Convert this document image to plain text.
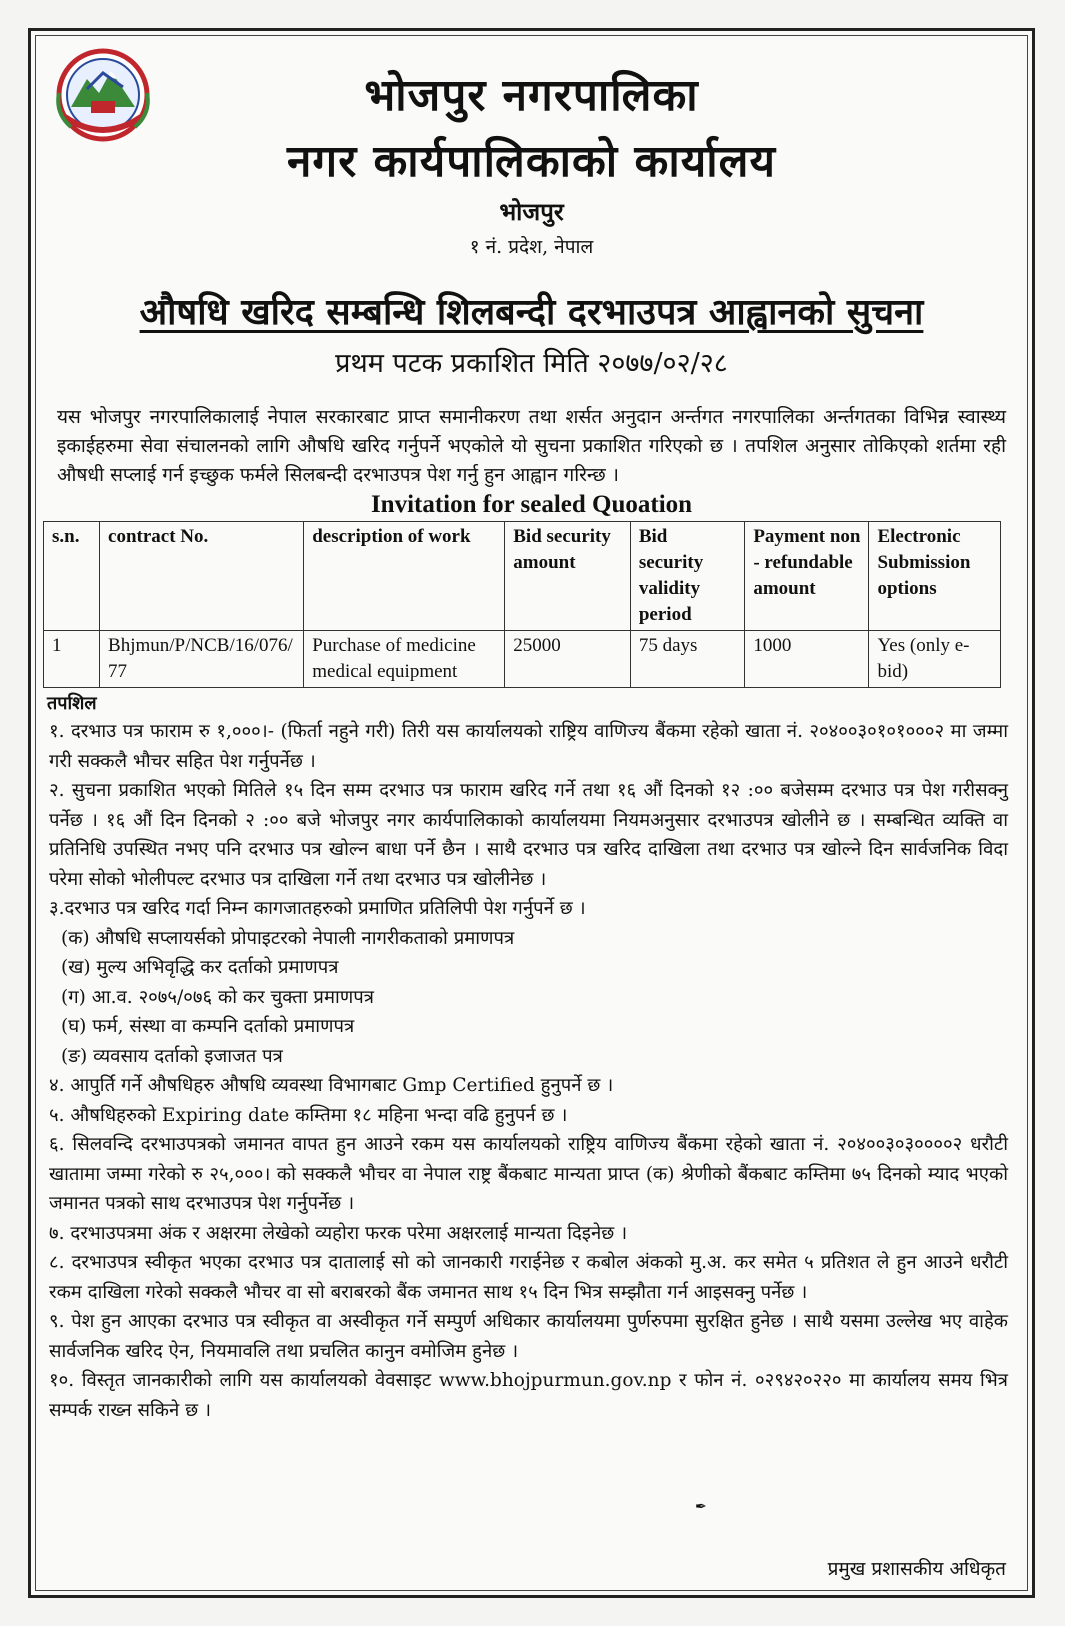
भोजपुर नगरपालिका
नगर कार्यपालिकाको कार्यालय
भोजपुर
१ नं. प्रदेश, नेपाल
औषधि खरिद सम्बन्धि शिलबन्दी दरभाउपत्र आह्वानको सुचना
प्रथम पटक प्रकाशित मिति २०७७/०२/२८
यस भोजपुर नगरपालिकालाई नेपाल सरकारबाट प्राप्त समानीकरण तथा शर्सत अनुदान अर्न्तगत नगरपालिका अर्न्तगतका विभिन्न स्वास्थ्य इकाईहरुमा सेवा संचालनको लागि औषधि खरिद गर्नुपर्ने भएकोले यो सुचना प्रकाशित गरिएको छ । तपशिल अनुसार तोकिएको शर्तमा रही औषधी सप्लाई गर्न इच्छुक फर्मले सिलबन्दी दरभाउपत्र पेश गर्नु हुन आह्वान गरिन्छ ।
Invitation for sealed Quoation
s.n.	contract No.	description of work	Bid security amount	Bid security validity period	Payment non - refundable amount	Electronic Submission options
1	Bhjmun/P/NCB/16/076/77	Purchase of medicine medical equipment	25000	75 days	1000	Yes (only e-bid)
तपशिल

१. दरभाउ पत्र फाराम रु १,०००।- (फिर्ता नहुने गरी) तिरी यस कार्यालयको राष्ट्रिय वाणिज्य बैंकमा रहेको खाता नं. २०४००३०१०१०००२ मा जम्मा गरी सक्कलै भौचर सहित पेश गर्नुपर्नेछ ।

२. सुचना प्रकाशित भएको मितिले १५ दिन सम्म दरभाउ पत्र फाराम खरिद गर्ने तथा १६ औं दिनको १२ :०० बजेसम्म दरभाउ पत्र पेश गरीसक्नु पर्नेछ । १६ औं दिन दिनको २ :०० बजे भोजपुर नगर कार्यपालिकाको कार्यालयमा नियमअनुसार दरभाउपत्र खोलीने छ । सम्बन्धित व्यक्ति वा प्रतिनिधि उपस्थित नभए पनि दरभाउ पत्र खोल्न बाधा पर्ने छैन । साथै दरभाउ पत्र खरिद दाखिला तथा दरभाउ पत्र खोल्ने दिन सार्वजनिक विदा परेमा सोको भोलीपल्ट दरभाउ पत्र दाखिला गर्ने तथा दरभाउ पत्र खोलीनेछ ।

३.दरभाउ पत्र खरिद गर्दा निम्न कागजातहरुको प्रमाणित प्रतिलिपी पेश गर्नुपर्ने छ ।

(क) औषधि सप्लायर्सको प्रोपाइटरको नेपाली नागरीकताको प्रमाणपत्र

(ख) मुल्य अभिवृद्धि कर दर्ताको प्रमाणपत्र

(ग) आ.व. २०७५/०७६ को कर चुक्ता प्रमाणपत्र

(घ) फर्म, संस्था वा कम्पनि दर्ताको प्रमाणपत्र

(ङ) व्यवसाय दर्ताको इजाजत पत्र

४. आपुर्ति गर्ने औषधिहरु औषधि व्यवस्था विभागबाट Gmp Certified हुनुपर्ने छ ।

५. औषधिहरुको Expiring date कम्तिमा १८ महिना भन्दा वढि हुनुपर्न छ ।

६. सिलवन्दि दरभाउपत्रको जमानत वापत हुन आउने रकम यस कार्यालयको राष्ट्रिय वाणिज्य बैंकमा रहेको खाता नं. २०४००३०३००००२ धरौटी खातामा जम्मा गरेको रु २५,०००। को सक्कलै भौचर वा नेपाल राष्ट्र बैंकबाट मान्यता प्राप्त (क) श्रेणीको बैंकबाट कम्तिमा ७५ दिनको म्याद भएको जमानत पत्रको साथ दरभाउपत्र पेश गर्नुपर्नेछ ।

७. दरभाउपत्रमा अंक र अक्षरमा लेखेको व्यहोरा फरक परेमा अक्षरलाई मान्यता दिइनेछ ।

८. दरभाउपत्र स्वीकृत भएका दरभाउ पत्र दातालाई सो को जानकारी गराईनेछ र कबोल अंकको मु.अ. कर समेत ५ प्रतिशत ले हुन आउने धरौटी रकम दाखिला गरेको सक्कलै भौचर वा सो बराबरको बैंक जमानत साथ १५ दिन भित्र सम्झौता गर्न आइसक्नु पर्नेछ ।

९. पेश हुन आएका दरभाउ पत्र स्वीकृत वा अस्वीकृत गर्ने सम्पुर्ण अधिकार कार्यालयमा पुर्णरुपमा सुरक्षित हुनेछ । साथै यसमा उल्लेख भए वाहेक सार्वजनिक खरिद ऐन, नियमावलि तथा प्रचलित कानुन वमोजिम हुनेछ ।

१०. विस्तृत जानकारीको लागि यस कार्यालयको वेवसाइट www.bhojpurmun.gov.np र फोन नं. ०२९४२०२२० मा कार्यालय समय भित्र सम्पर्क राख्न सकिने छ ।

✒
प्रमुख प्रशासकीय अधिकृत
